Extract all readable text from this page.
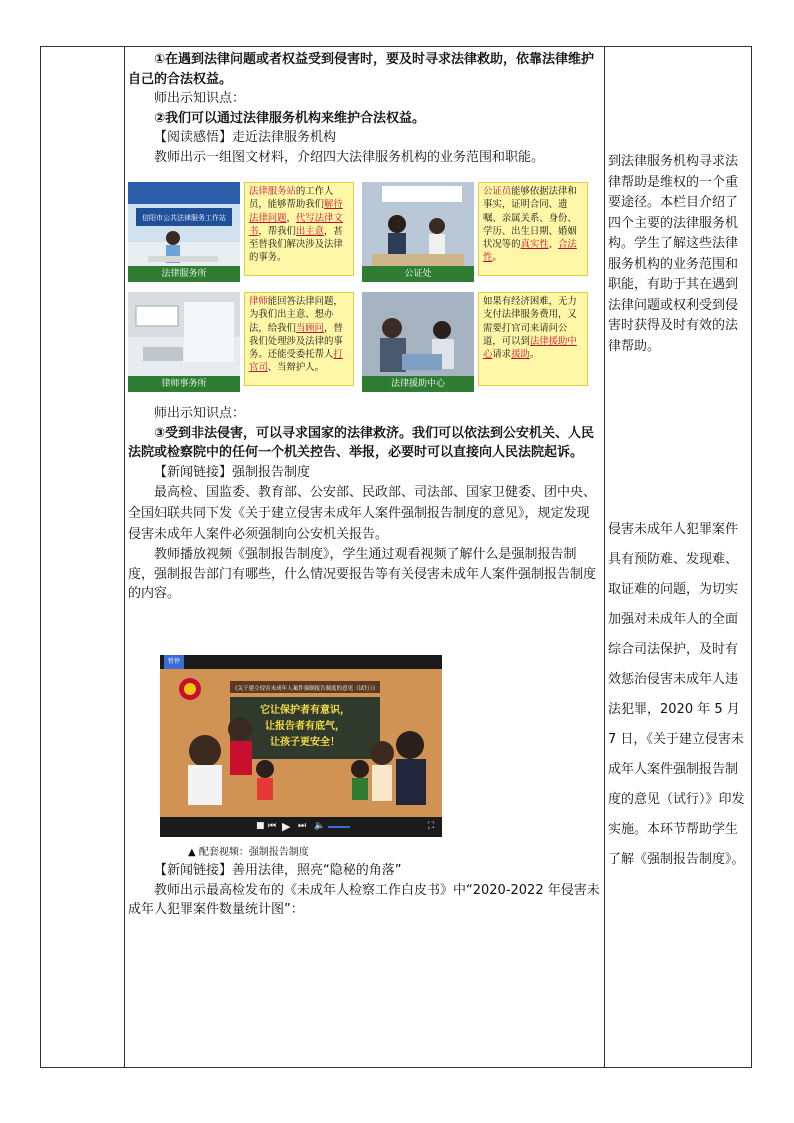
①在遇到法律问题或者权益受到侵害时，要及时寻求法律救助，依靠法律维护自己的合法权益。

师出示知识点：

②我们可以通过法律服务机构来维护合法权益。

【阅读感悟】走近法律服务机构

教师出示一组图文材料，介绍四大法律服务机构的业务范围和职能。

信阳市公共法律服务工作站
法律服务所
法律服务站的工作人员，能够帮助我们解待法律问题，代写法律文书，帮我们出主意，甚至替我们解决涉及法律的事务。
公证处
公证员能够依据法律和事实，证明合同、遗嘱、亲属关系、身份、学历、出生日期、婚姻状况等的真实性、合法性。
律师事务所
律师能回答法律问题，为我们出主意、想办法，给我们当顾问，替我们处理涉及法律的事务。还能受委托帮人打官司、当辩护人。
法律援助中心
如果有经济困难，无力支付法律服务费用，又需要打官司来请问公道，可以到法律援助中心请求援助。

师出示知识点：

③受到非法侵害，可以寻求国家的法律救济。我们可以依法到公安机关、人民法院或检察院中的任何一个机关控告、举报，必要时可以直接向人民法院起诉。

【新闻链接】强制报告制度

最高检、国监委、教育部、公安部、民政部、司法部、国家卫健委、团中央、全国妇联共同下发《关于建立侵害未成年人案件强制报告制度的意见》，规定发现侵害未成年人案件必须强制向公安机关报告。

教师播放视频《强制报告制度》，学生通过观看视频了解什么是强制报告制度，强制报告部门有哪些，什么情况要报告等有关侵害未成年人案件强制报告制度的内容。

暂停
《关于建立侵害未成年人案件强制报告制度的意见（试行）》
它让保护者有意识，
让报告者有底气，
让孩子更安全！
■ ⏮ ▶ ⏭ 🔈	⛶
▲ 配套视频：强制报告制度

【新闻链接】善用法律，照亮“隐秘的角落”

教师出示最高检发布的《未成年人检察工作白皮书》中“2020-2022 年侵害未成年人犯罪案件数量统计图”：

到法律服务机构寻求法律帮助是维权的一个重要途径。本栏目介绍了四个主要的法律服务机构。学生了解这些法律服务机构的业务范围和职能，有助于其在遇到法律问题或权利受到侵害时获得及时有效的法律帮助。
侵害未成年人犯罪案件具有预防难、发现难、取证难的问题，为切实加强对未成年人的全面综合司法保护，及时有效惩治侵害未成年人违法犯罪，2020 年 5 月 7 日，《关于建立侵害未成年人案件强制报告制度的意见（试行）》印发实施。本环节帮助学生了解《强制报告制度》。
